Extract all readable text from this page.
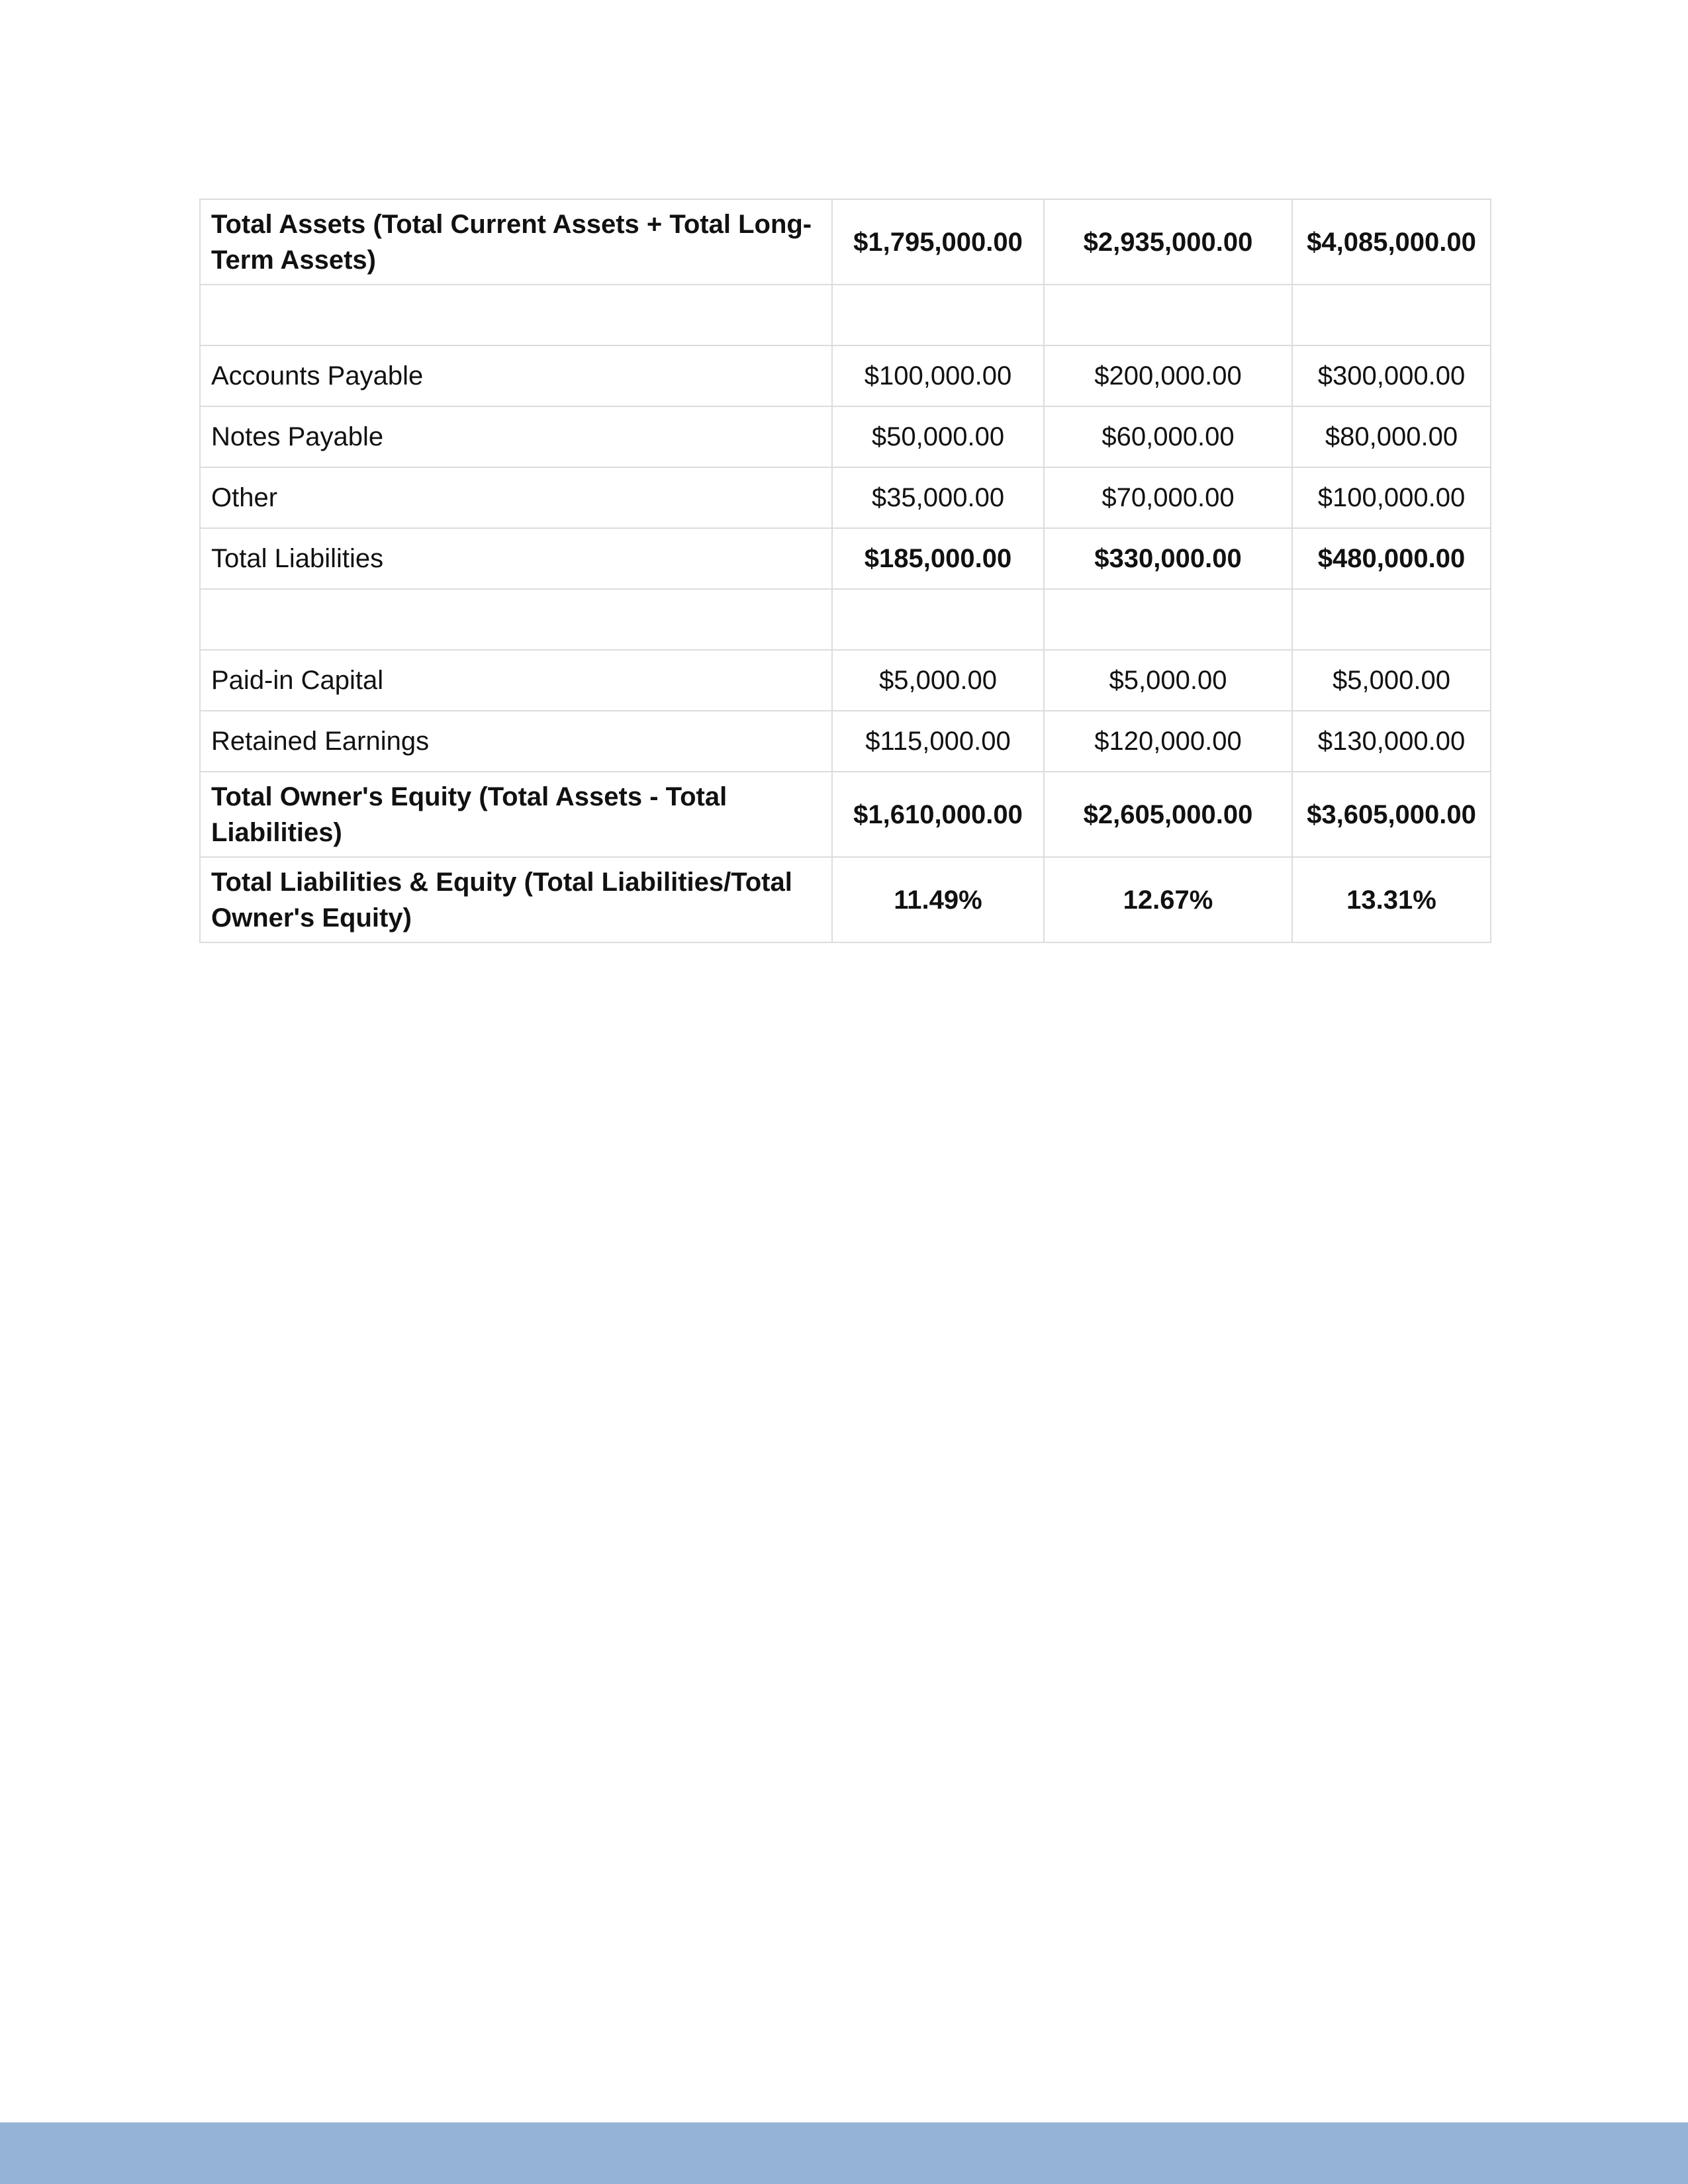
Total Assets (Total Current Assets + Total Long-Term Assets)	$1,795,000.00	$2,935,000.00	$4,085,000.00

Accounts Payable	$100,000.00	$200,000.00	$300,000.00
Notes Payable	$50,000.00	$60,000.00	$80,000.00
Other	$35,000.00	$70,000.00	$100,000.00
Total Liabilities	$185,000.00	$330,000.00	$480,000.00

Paid-in Capital	$5,000.00	$5,000.00	$5,000.00
Retained Earnings	$115,000.00	$120,000.00	$130,000.00
Total Owner's Equity (Total Assets - Total Liabilities)	$1,610,000.00	$2,605,000.00	$3,605,000.00
Total Liabilities & Equity (Total Liabilities/Total Owner's Equity)	11.49%	12.67%	13.31%
